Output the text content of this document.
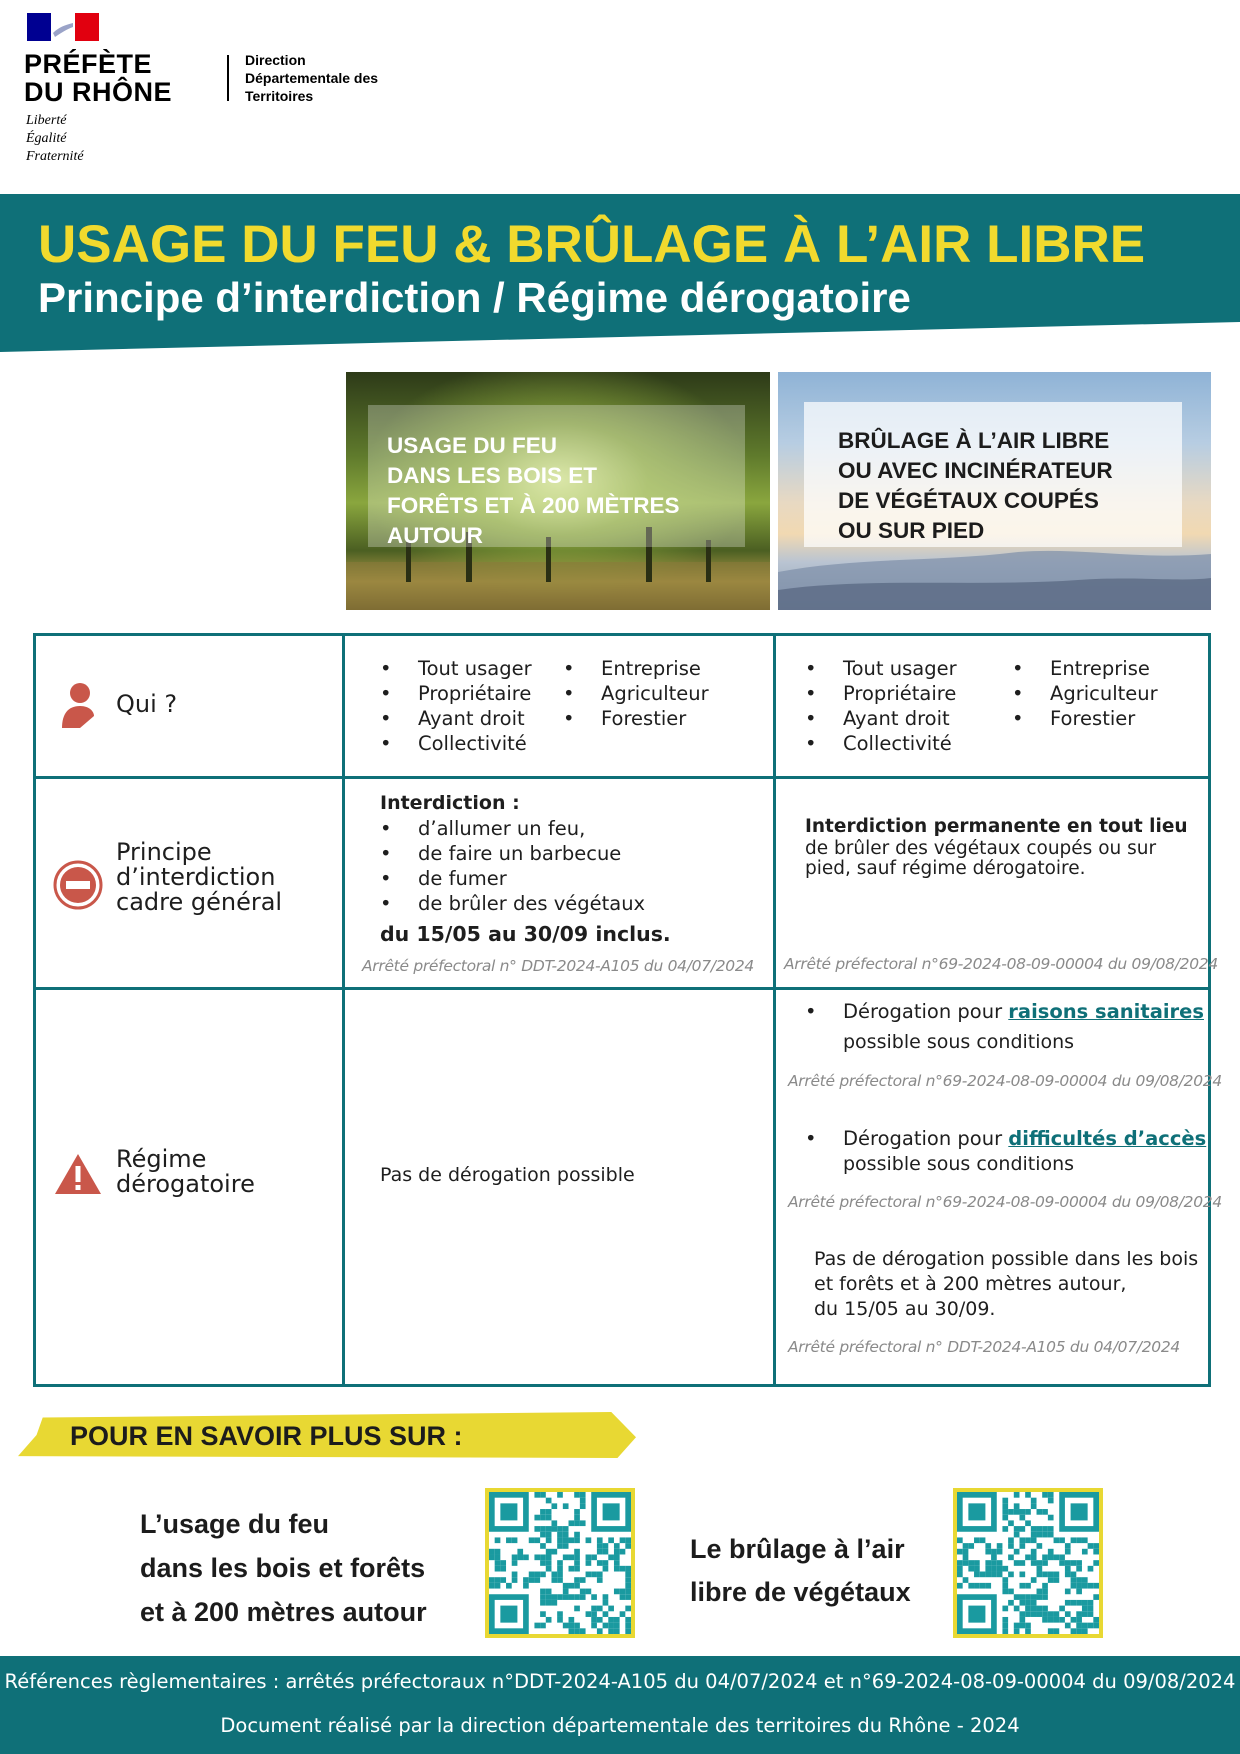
PRÉFÈTE
DU RHÔNE
Liberté
Égalité
Fraternité
Direction
Départementale des
Territoires
USAGE DU FEU & BRÛLAGE À L’AIR LIBRE
Principe d’interdiction / Régime dérogatoire
USAGE DU FEU
DANS LES BOIS ET
FORÊTS ET À 200 MÈTRES
AUTOUR
BRÛLAGE À L’AIR LIBRE
OU AVEC INCINÉRATEUR
DE VÉGÉTAUX COUPÉS
OU SUR PIED
Qui ?
• Tout usager
• Propriétaire
• Ayant droit
• Collectivité
• Entreprise
• Agriculteur
• Forestier
• Tout usager
• Propriétaire
• Ayant droit
• Collectivité
• Entreprise
• Agriculteur
• Forestier
Principe
d’interdiction
cadre général
Interdiction :
• d’allumer un feu,
• de faire un barbecue
• de fumer
• de brûler des végétaux
du 15/05 au 30/09 inclus.
Arrêté préfectoral n° DDT-2024-A105 du 04/07/2024
Interdiction permanente en tout lieu
de brûler des végétaux coupés ou sur
pied, sauf régime dérogatoire.
Arrêté préfectoral n°69-2024-08-09-00004 du 09/08/2024
Régime
dérogatoire	Pas de dérogation possible
• Dérogation pour raisons sanitaires
possible sous conditions
Arrêté préfectoral n°69-2024-08-09-00004 du 09/08/2024
• Dérogation pour difficultés d’accès
possible sous conditions
Arrêté préfectoral n°69-2024-08-09-00004 du 09/08/2024
Pas de dérogation possible dans les bois
et forêts et à 200 mètres autour,
du 15/05 au 30/09.
Arrêté préfectoral n° DDT-2024-A105 du 04/07/2024
POUR EN SAVOIR PLUS SUR :
L’usage du feu
dans les bois et forêts
et à 200 mètres autour
Le brûlage à l’air
libre de végétaux
Références règlementaires : arrêtés préfectoraux n°DDT-2024-A105 du 04/07/2024 et n°69-2024-08-09-00004 du 09/08/2024
Document réalisé par la direction départementale des territoires du Rhône - 2024
